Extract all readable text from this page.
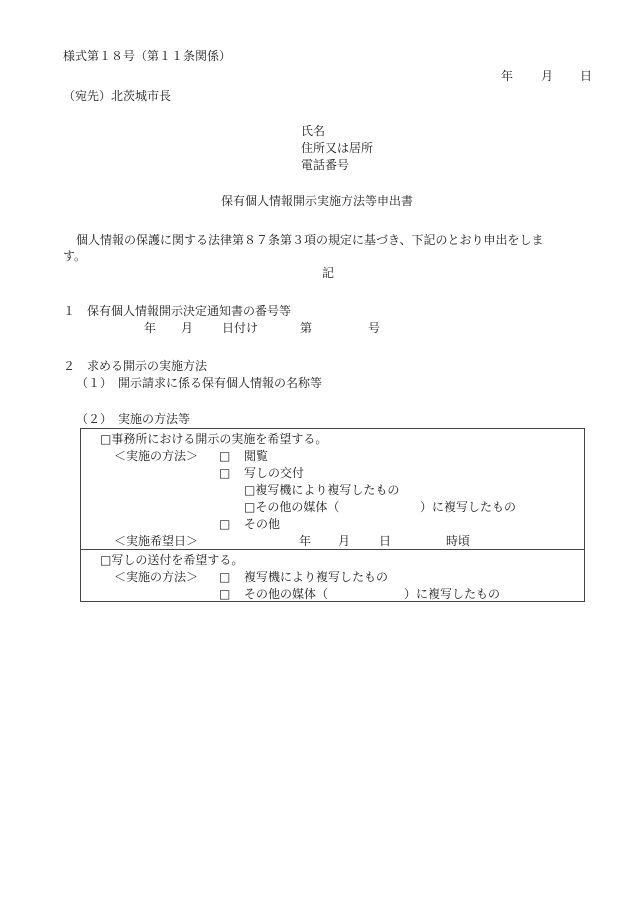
様式第１８号（第１１条関係）
年 月 日
（宛先）北茨城市長
氏名
住所又は居所
電話番号
保有個人情報開示実施方法等申出書
個人情報の保護に関する法律第８７条第３項の規定に基づき、下記のとおり申出をしま
す。
記
１　保有個人情報開示決定通知書の番号等
年 月 日付け	第	号
２　求める開示の実施方法
（１）　開示請求に係る保有個人情報の名称等
（２）　実施の方法等
□事務所における開示の実施を希望する。
＜実施の方法＞ □ 閲覧
□ 写しの交付
□複写機により複写したもの
□その他の媒体（	）に複写したもの
□ その他
＜実施希望日＞	年 月 日	時頃
□写しの送付を希望する。
＜実施の方法＞ □ 複写機により複写したもの
□ その他の媒体（	）に複写したもの
